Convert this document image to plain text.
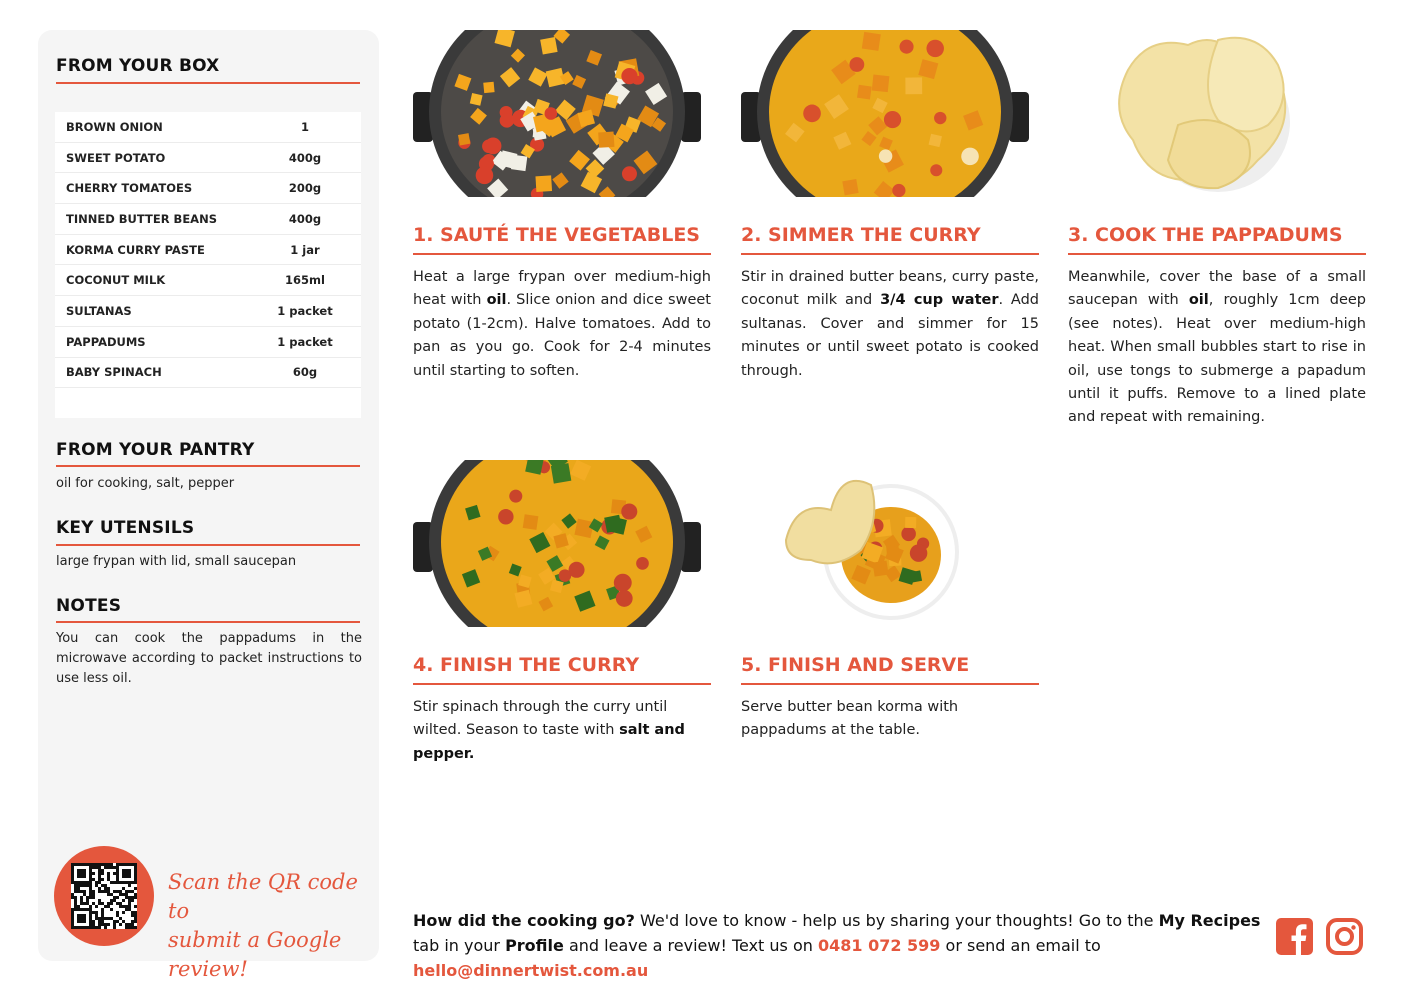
FROM YOUR BOX
BROWN ONION	1
SWEET POTATO	400g
CHERRY TOMATOES	200g
TINNED BUTTER BEANS	400g
KORMA CURRY PASTE	1 jar
COCONUT MILK	165ml
SULTANAS	1 packet
PAPPADUMS	1 packet
BABY SPINACH	60g
FROM YOUR PANTRY
oil for cooking, salt, pepper
KEY UTENSILS
large frypan with lid, small saucepan
NOTES
You can cook the pappadums in the microwave according to packet instructions to use less oil.
Scan the QR code to
submit a Google review!
1. SAUTÉ THE VEGETABLES
Heat a large frypan over medium-high heat with oil. Slice onion and dice sweet potato (1-2cm). Halve tomatoes. Add to pan as you go. Cook for 2-4 minutes until starting to soften.
2. SIMMER THE CURRY
Stir in drained butter beans, curry paste, coconut milk and 3/4 cup water. Add sultanas. Cover and simmer for 15 minutes or until sweet potato is cooked through.
3. COOK THE PAPPADUMS
Meanwhile, cover the base of a small saucepan with oil, roughly 1cm deep (see notes). Heat over medium-high heat. When small bubbles start to rise in oil, use tongs to submerge a papadum until it puffs. Remove to a lined plate and repeat with remaining.
4. FINISH THE CURRY
Stir spinach through the curry until wilted. Season to taste with salt and pepper.
5. FINISH AND SERVE
Serve butter bean korma with pappadums at the table.
How did the cooking go? We'd love to know - help us by sharing your thoughts! Go to the My Recipes tab in your Profile and leave a review! Text us on 0481 072 599 or send an email to hello@dinnertwist.com.au
